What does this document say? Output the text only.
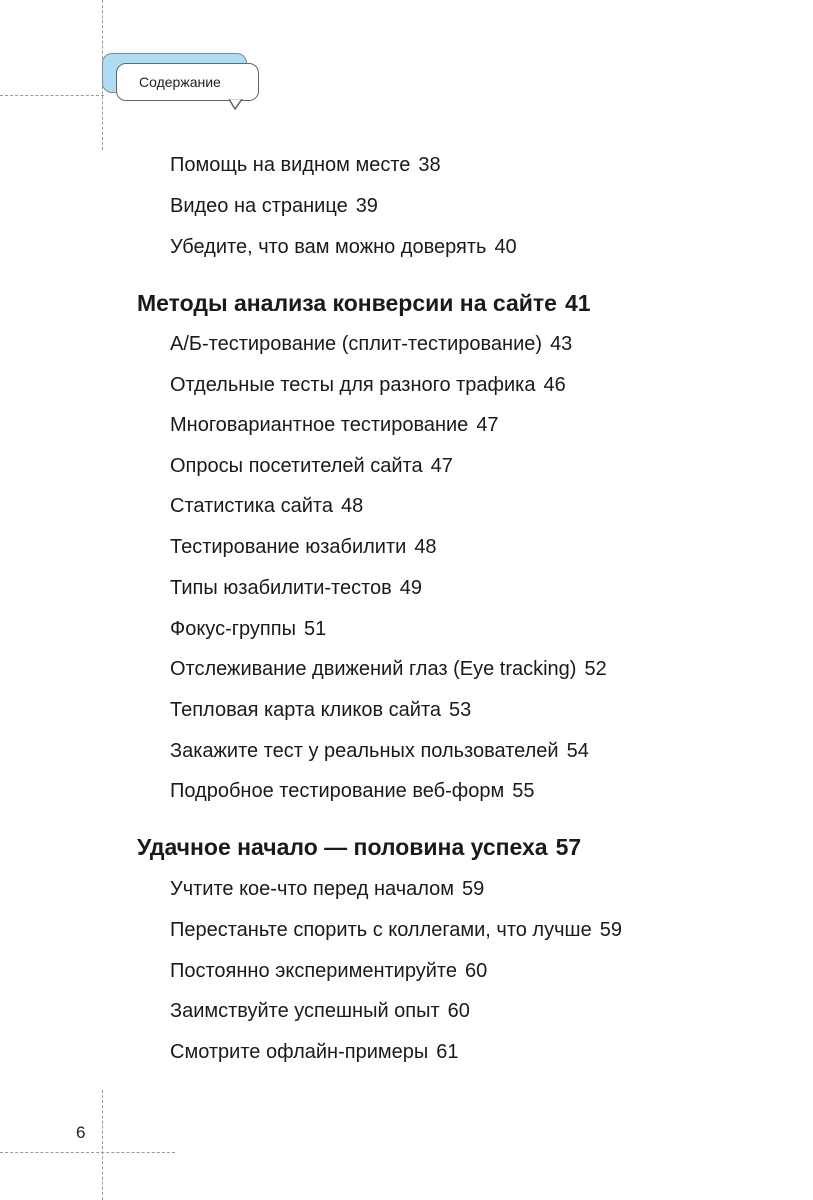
Содержание
Помощь на видном месте 38
Видео на странице 39
Убедите, что вам можно доверять 40
Методы анализа конверсии на сайте 41
А/Б-тестирование (сплит-тестирование) 43
Отдельные тесты для разного трафика 46
Многовариантное тестирование 47
Опросы посетителей сайта 47
Статистика сайта 48
Тестирование юзабилити 48
Типы юзабилити-тестов 49
Фокус-группы 51
Отслеживание движений глаз (Eye tracking) 52
Тепловая карта кликов сайта 53
Закажите тест у реальных пользователей 54
Подробное тестирование веб-форм 55
Удачное начало — половина успеха 57
Учтите кое-что перед началом 59
Перестаньте спорить с коллегами, что лучше 59
Постоянно экспериментируйте 60
Заимствуйте успешный опыт 60
Смотрите офлайн-примеры 61
6
